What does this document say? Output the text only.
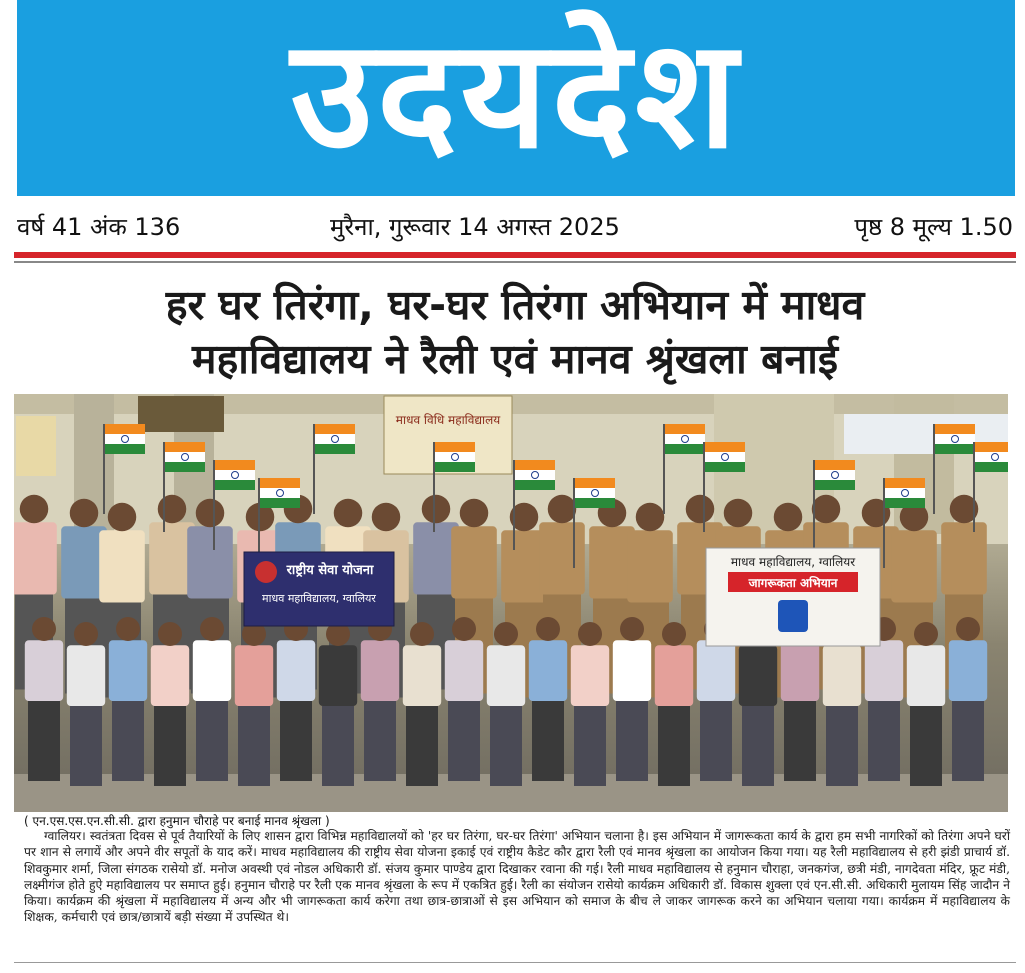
उदयदेश
वर्ष 41 अंक 136	मुरैना, गुरूवार 14 अगस्त 2025	पृष्ठ 8 मूल्य 1.50
हर घर तिरंगा, घर-घर तिरंगा अभियान में माधव
महाविद्यालय ने रैली एवं मानव श्रृंखला बनाई
माधव विधि महाविद्यालय
राष्ट्रीय सेवा योजना
माधव महाविद्यालय, ग्वालियर
माधव महाविद्यालय, ग्वालियर
जागरूकता अभियान
( एन.एस.एस.एन.सी.सी. द्वारा हनुमान चौराहे पर बनाई मानव श्रृंखला )

ग्वालियर। स्वतंत्रता दिवस से पूर्व तैयारियों के लिए शासन द्वारा विभिन्न महाविद्यालयों को 'हर घर तिरंगा, घर-घर तिरंगा' अभियान चलाना है। इस अभियान में जागरूकता कार्य के द्वारा हम सभी नागरिकों को तिरंगा अपने घरों पर शान से लगायें और अपने वीर सपूतों के याद करें। माधव महाविद्यालय की राष्ट्रीय सेवा योजना इकाई एवं राष्ट्रीय कैडेट कौर द्वारा रैली एवं मानव श्रृंखला का आयोजन किया गया। यह रैली महाविद्यालय से हरी झंडी प्राचार्य डॉ. शिवकुमार शर्मा, जिला संगठक रासेयो डॉ. मनोज अवस्थी एवं नोडल अधिकारी डॉ. संजय कुमार पाण्डेय द्वारा दिखाकर रवाना की गई। रैली माधव महाविद्यालय से हनुमान चौराहा, जनकगंज, छत्री मंडी, नागदेवता मंदिर, फ्रूट मंडी, लक्ष्मीगंज होते हुऐ महाविद्यालय पर समाप्त हुई। हनुमान चौराहे पर रैली एक मानव श्रृंखला के रूप में एकत्रित हुई। रैली का संयोजन रासेयो कार्यक्रम अधिकारी डॉ. विकास शुक्ला एवं एन.सी.सी. अधिकारी मुलायम सिंह जादौन ने किया। कार्यक्रम की श्रृंखला में महाविद्यालय में अन्य और भी जागरूकता कार्य करेगा तथा छात्र-छात्राओं से इस अभियान को समाज के बीच ले जाकर जागरूक करने का अभियान चलाया गया। कार्यक्रम में महाविद्यालय के शिक्षक, कर्मचारी एवं छात्र/छात्रायें बड़ी संख्या में उपस्थित थे।
